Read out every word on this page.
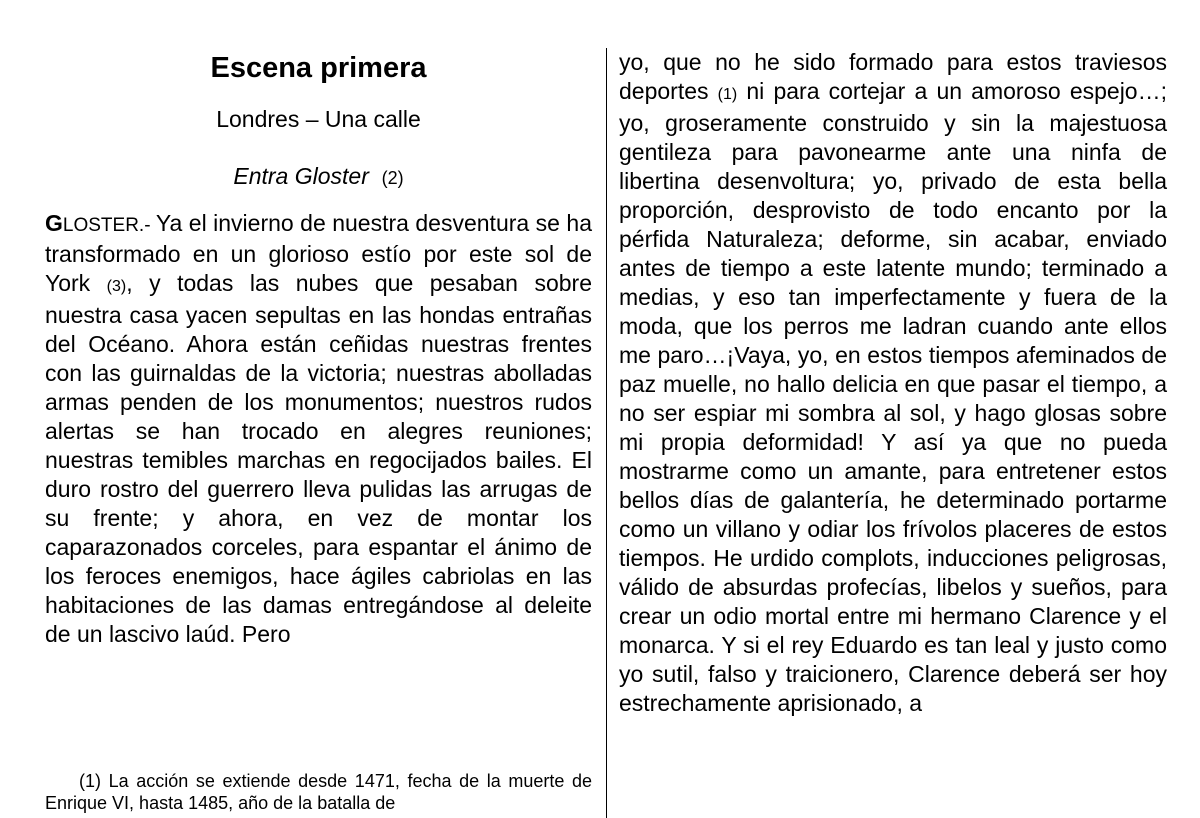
Escena primera

Londres – Una calle

Entra Gloster (2)

GLOSTER.- Ya el invierno de nuestra desventura se ha transformado en un glorioso estío por este sol de York (3), y todas las nubes que pesaban sobre nuestra casa yacen sepultas en las hondas entrañas del Océano. Ahora están ceñidas nuestras frentes con las guirnaldas de la victoria; nuestras abolladas armas penden de los monumentos; nuestros rudos alertas se han trocado en alegres reuniones; nuestras temibles marchas en regocijados bailes. El duro rostro del guerrero lleva pulidas las arrugas de su frente; y ahora, en vez de montar los caparazonados corceles, para espantar el ánimo de los feroces enemigos, hace ágiles cabriolas en las habitaciones de las damas entregándose al deleite de un lascivo laúd. Pero

yo, que no he sido formado para estos traviesos deportes (1) ni para cortejar a un amoroso espejo…; yo, groseramente construido y sin la majestuosa gentileza para pavonearme ante una ninfa de libertina desenvoltura; yo, privado de esta bella proporción, desprovisto de todo encanto por la pérfida Naturaleza; deforme, sin acabar, enviado antes de tiempo a este latente mundo; terminado a medias, y eso tan imperfectamente y fuera de la moda, que los perros me ladran cuando ante ellos me paro…¡Vaya, yo, en estos tiempos afeminados de paz muelle, no hallo delicia en que pasar el tiempo, a no ser espiar mi sombra al sol, y hago glosas sobre mi propia deformidad! Y así ya que no pueda mostrarme como un amante, para entretener estos bellos días de galantería, he determinado portarme como un villano y odiar los frívolos placeres de estos tiempos. He urdido complots, inducciones peligrosas, válido de absurdas profecías, libelos y sueños, para crear un odio mortal entre mi hermano Clarence y el monarca. Y si el rey Eduardo es tan leal y justo como yo sutil, falso y traicionero, Clarence deberá ser hoy estrechamente aprisionado, a

(1) La acción se extiende desde 1471, fecha de la muerte de Enrique VI, hasta 1485, año de la batalla de
